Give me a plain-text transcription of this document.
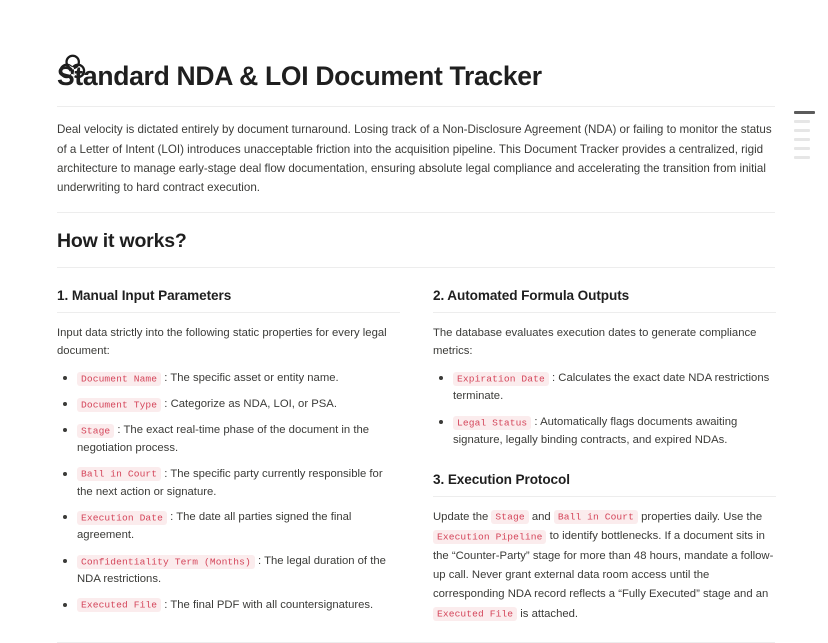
Standard NDA & LOI Document Tracker

Deal velocity is dictated entirely by document turnaround. Losing track of a Non-Disclosure Agreement (NDA) or failing to monitor the status of a Letter of Intent (LOI) introduces unacceptable friction into the acquisition pipeline. This Document Tracker provides a centralized, rigid architecture to manage early-stage deal flow documentation, ensuring absolute legal compliance and accelerating the transition from initial underwriting to hard contract execution.

How it works?
1. Manual Input Parameters

Input data strictly into the following static properties for every legal document:

Document Name : The specific asset or entity name.
Document Type : Categorize as NDA, LOI, or PSA.
Stage : The exact real-time phase of the document in the negotiation process.
Ball in Court : The specific party currently responsible for the next action or signature.
Execution Date : The date all parties signed the final agreement.
Confidentiality Term (Months) : The legal duration of the NDA restrictions.
Executed File : The final PDF with all countersignatures.
2. Automated Formula Outputs

The database evaluates execution dates to generate compliance metrics:

Expiration Date : Calculates the exact date NDA restrictions terminate.
Legal Status : Automatically flags documents awaiting signature, legally binding contracts, and expired NDAs.
3. Execution Protocol

Update the Stage and Ball in Court properties daily. Use the Execution Pipeline to identify bottlenecks. If a document sits in the “Counter-Party” stage for more than 48 hours, mandate a follow-up call. Never grant external data room access until the corresponding NDA record reflects a “Fully Executed” stage and an Executed File is attached.
